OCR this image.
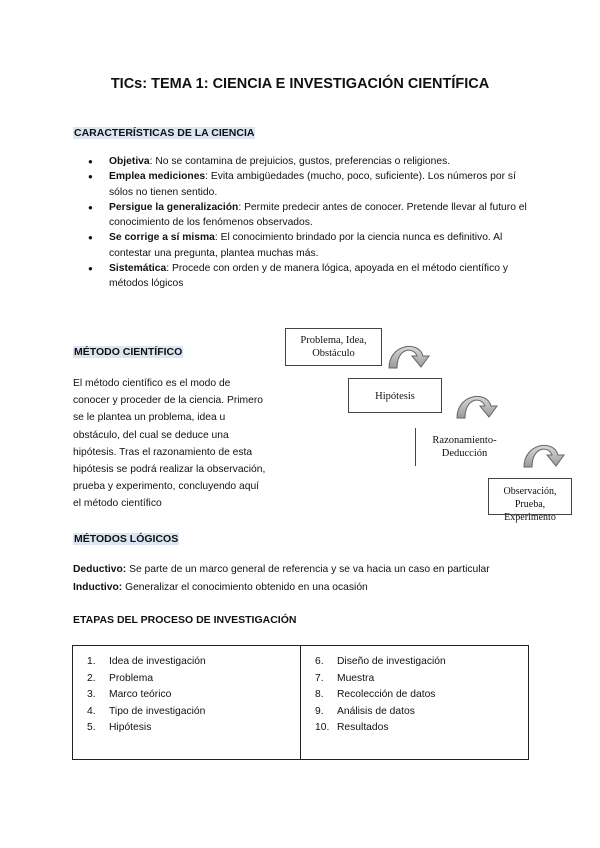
TICs: TEMA 1: CIENCIA E INVESTIGACIÓN CIENTÍFICA
CARACTERÍSTICAS DE LA CIENCIA
● Objetiva: No se contamina de prejuicios, gustos, preferencias o religiones.
● Emplea mediciones: Evita ambigüedades (mucho, poco, suficiente). Los números por sí sólos no tienen sentido.
● Persigue la generalización: Permite predecir antes de conocer. Pretende llevar al futuro el conocimiento de los fenómenos observados.
● Se corrige a sí misma: El conocimiento brindado por la ciencia nunca es definitivo. Al contestar una pregunta, plantea muchas más.
● Sistemática: Procede con orden y de manera lógica, apoyada en el método científico y métodos lógicos
MÉTODO CIENTÍFICO
El método científico es el modo de conocer y proceder de la ciencia. Primero se le plantea un problema, idea u obstáculo, del cual se deduce una hipótesis. Tras el razonamiento de esta hipótesis se podrá realizar la observación, prueba y experimento, concluyendo aquí el método científico
Problema, Idea, Obstáculo
Hipótesis
Razonamiento-Deducción
Observación, Prueba, Experimento
MÉTODOS LÓGICOS
Deductivo: Se parte de un marco general de referencia y se va hacia un caso en particular
Inductivo: Generalizar el conocimiento obtenido en una ocasión
ETAPAS DEL PROCESO DE INVESTIGACIÓN
1. Idea de investigación
2. Problema
3. Marco teórico
4. Tipo de investigación
5. Hipótesis

6. Diseño de investigación
7. Muestra
8. Recolección de datos
9. Análisis de datos
10. Resultados
